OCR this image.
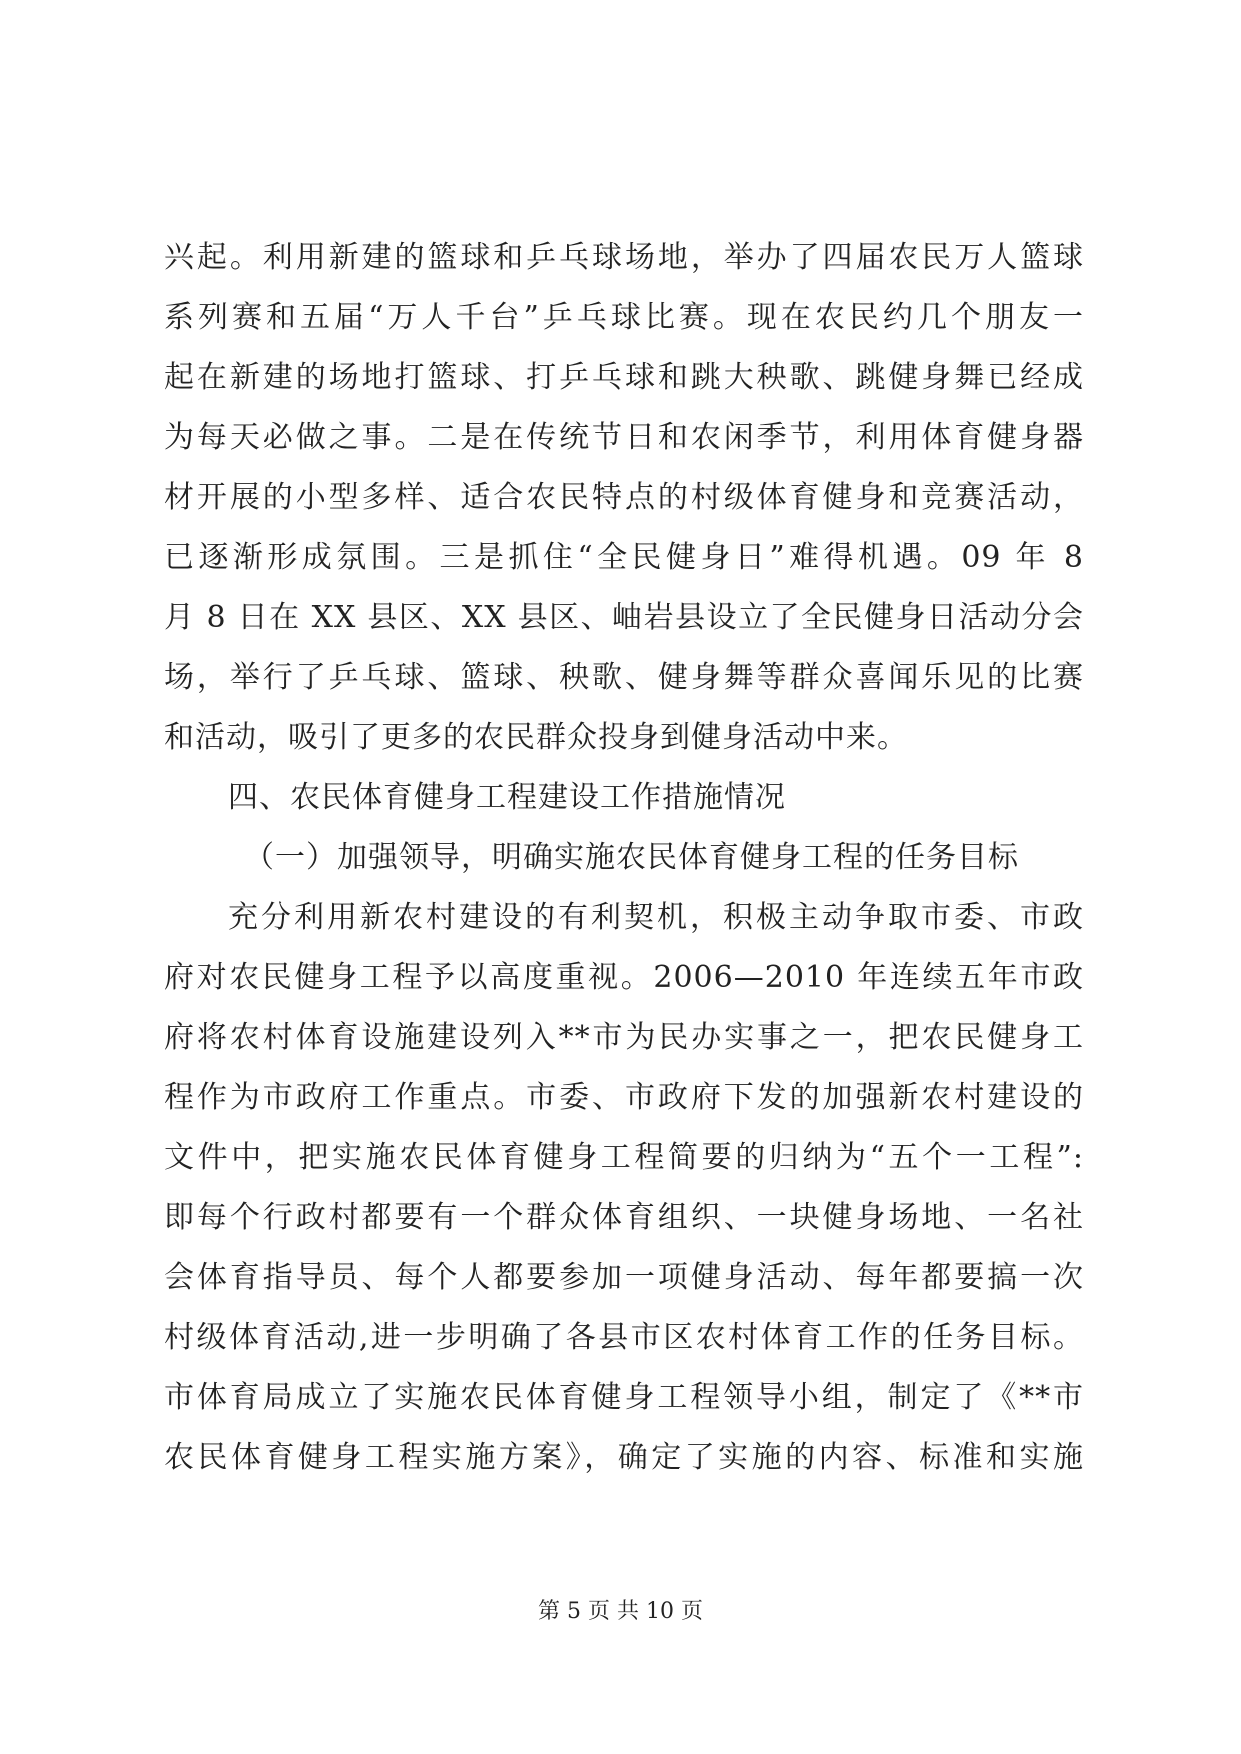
兴起。利用新建的篮球和乒乓球场地，举办了四届农民万人篮球
系列赛和五届“万人千台”乒乓球比赛。现在农民约几个朋友一
起在新建的场地打篮球、打乒乓球和跳大秧歌、跳健身舞已经成
为每天必做之事。二是在传统节日和农闲季节，利用体育健身器
材开展的小型多样、适合农民特点的村级体育健身和竞赛活动，
已逐渐形成氛围。三是抓住“全民健身日”难得机遇。09 年 8
月 8 日在 XX 县区、XX 县区、岫岩县设立了全民健身日活动分会
场，举行了乒乓球、篮球、秧歌、健身舞等群众喜闻乐见的比赛
和活动，吸引了更多的农民群众投身到健身活动中来。
四、农民体育健身工程建设工作措施情况
（一）加强领导，明确实施农民体育健身工程的任务目标
充分利用新农村建设的有利契机，积极主动争取市委、市政
府对农民健身工程予以高度重视。2006—2010 年连续五年市政
府将农村体育设施建设列入**市为民办实事之一，把农民健身工
程作为市政府工作重点。市委、市政府下发的加强新农村建设的
文件中，把实施农民体育健身工程简要的归纳为“五个一工程”:
即每个行政村都要有一个群众体育组织、一块健身场地、一名社
会体育指导员、每个人都要参加一项健身活动、每年都要搞一次
村级体育活动,进一步明确了各县市区农村体育工作的任务目标。
市体育局成立了实施农民体育健身工程领导小组，制定了《**市
农民体育健身工程实施方案》，确定了实施的内容、标准和实施
第 5 页 共 10 页
